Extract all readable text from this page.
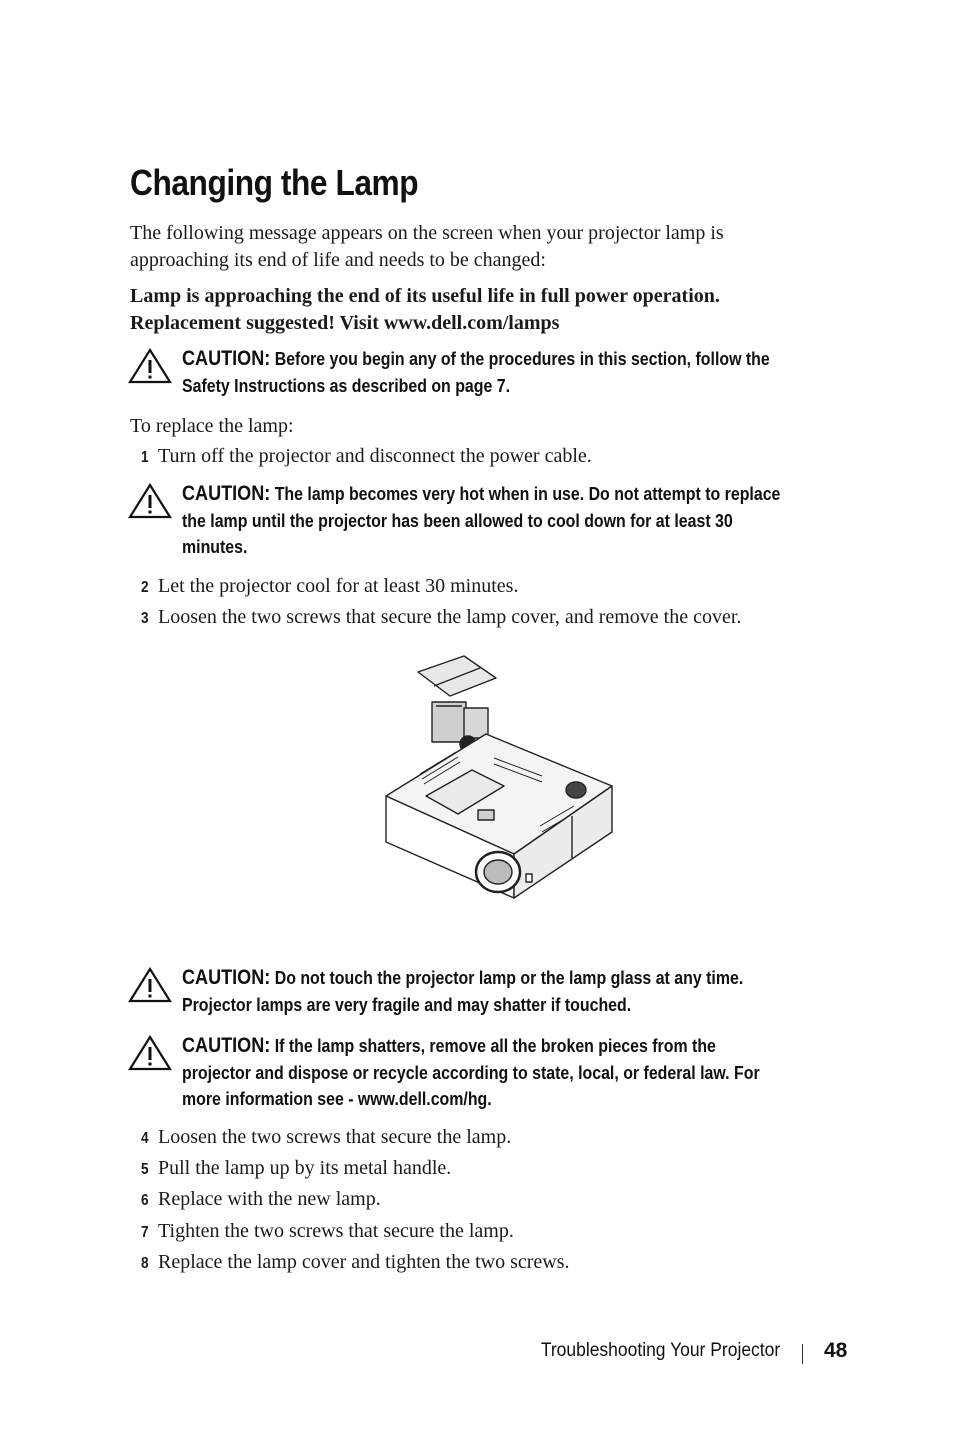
Changing the Lamp

The following message appears on the screen when your projector lamp is
approaching its end of life and needs to be changed:

Lamp is approaching the end of its useful life in full power operation.
Replacement suggested! Visit www.dell.com/lamps

CAUTION: Before you begin any of the procedures in this section, follow the
Safety Instructions as described on page 7.

To replace the lamp:

1 Turn off the projector and disconnect the power cable.

CAUTION: The lamp becomes very hot when in use. Do not attempt to replace
the lamp until the projector has been allowed to cool down for at least 30
minutes.

2 Let the projector cool for at least 30 minutes.

3 Loosen the two screws that secure the lamp cover, and remove the cover.

CAUTION: Do not touch the projector lamp or the lamp glass at any time.
Projector lamps are very fragile and may shatter if touched.

CAUTION: If the lamp shatters, remove all the broken pieces from the
projector and dispose or recycle according to state, local, or federal law. For
more information see - www.dell.com/hg.

4 Loosen the two screws that secure the lamp.

5 Pull the lamp up by its metal handle.

6 Replace with the new lamp.

7 Tighten the two screws that secure the lamp.

8 Replace the lamp cover and tighten the two screws.

Troubleshooting Your Projector 48
